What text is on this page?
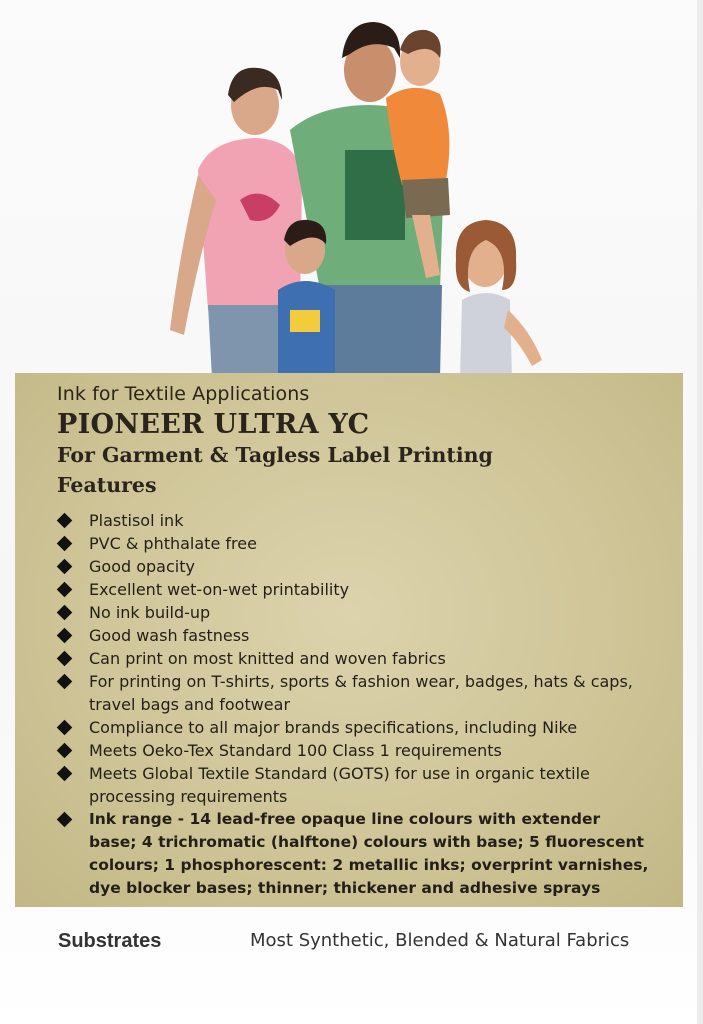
Ink for Textile Applications
PIONEER ULTRA YC
For Garment & Tagless Label Printing
Features
Plastisol ink
PVC & phthalate free
Good opacity
Excellent wet-on-wet printability
No ink build-up
Good wash fastness
Can print on most knitted and woven fabrics
For printing on T-shirts, sports & fashion wear, badges, hats & caps, travel bags and footwear
Compliance to all major brands specifications, including Nike
Meets Oeko-Tex Standard 100 Class 1 requirements
Meets Global Textile Standard (GOTS) for use in organic textile processing requirements
Ink range - 14 lead-free opaque line colours with extender base; 4 trichromatic (halftone) colours with base; 5 fluorescent colours; 1 phosphorescent: 2 metallic inks; overprint varnishes, dye blocker bases; thinner; thickener and adhesive sprays
Substrates	Most Synthetic, Blended & Natural Fabrics
